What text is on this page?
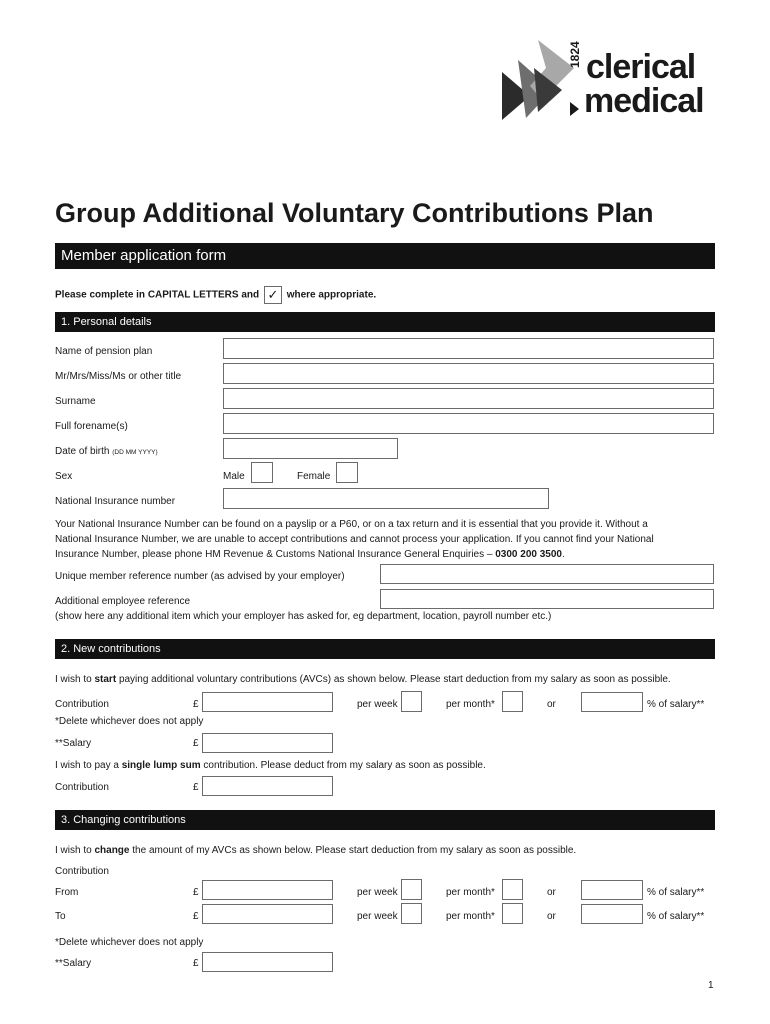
1824 clerical
medical
Group Additional Voluntary Contributions Plan
Member application form
Please complete in CAPITAL LETTERS and ✓ where appropriate.
1. Personal details
Name of pension plan
Mr/Mrs/Miss/Ms or other title
Surname
Full forename(s)
Date of birth (DD MM YYYY)
Sex	Male	Female
National Insurance number
Your National Insurance Number can be found on a payslip or a P60, or on a tax return and it is essential that you provide it. Without a
National Insurance Number, we are unable to accept contributions and cannot process your application. If you cannot find your National
Insurance Number, please phone HM Revenue & Customs National Insurance General Enquiries – 0300 200 3500.
Unique member reference number (as advised by your employer)
Additional employee reference
(show here any additional item which your employer has asked for, eg department, location, payroll number etc.)
2. New contributions
I wish to start paying additional voluntary contributions (AVCs) as shown below. Please start deduction from my salary as soon as possible.
Contribution	£	per week	per month*	or	% of salary**
*Delete whichever does not apply
**Salary	£
I wish to pay a single lump sum contribution. Please deduct from my salary as soon as possible.
Contribution	£
3. Changing contributions
I wish to change the amount of my AVCs as shown below. Please start deduction from my salary as soon as possible.
Contribution
From	£	per week	per month*	or	% of salary**
To	£	per week	per month*	or	% of salary**
*Delete whichever does not apply
**Salary	£
1
